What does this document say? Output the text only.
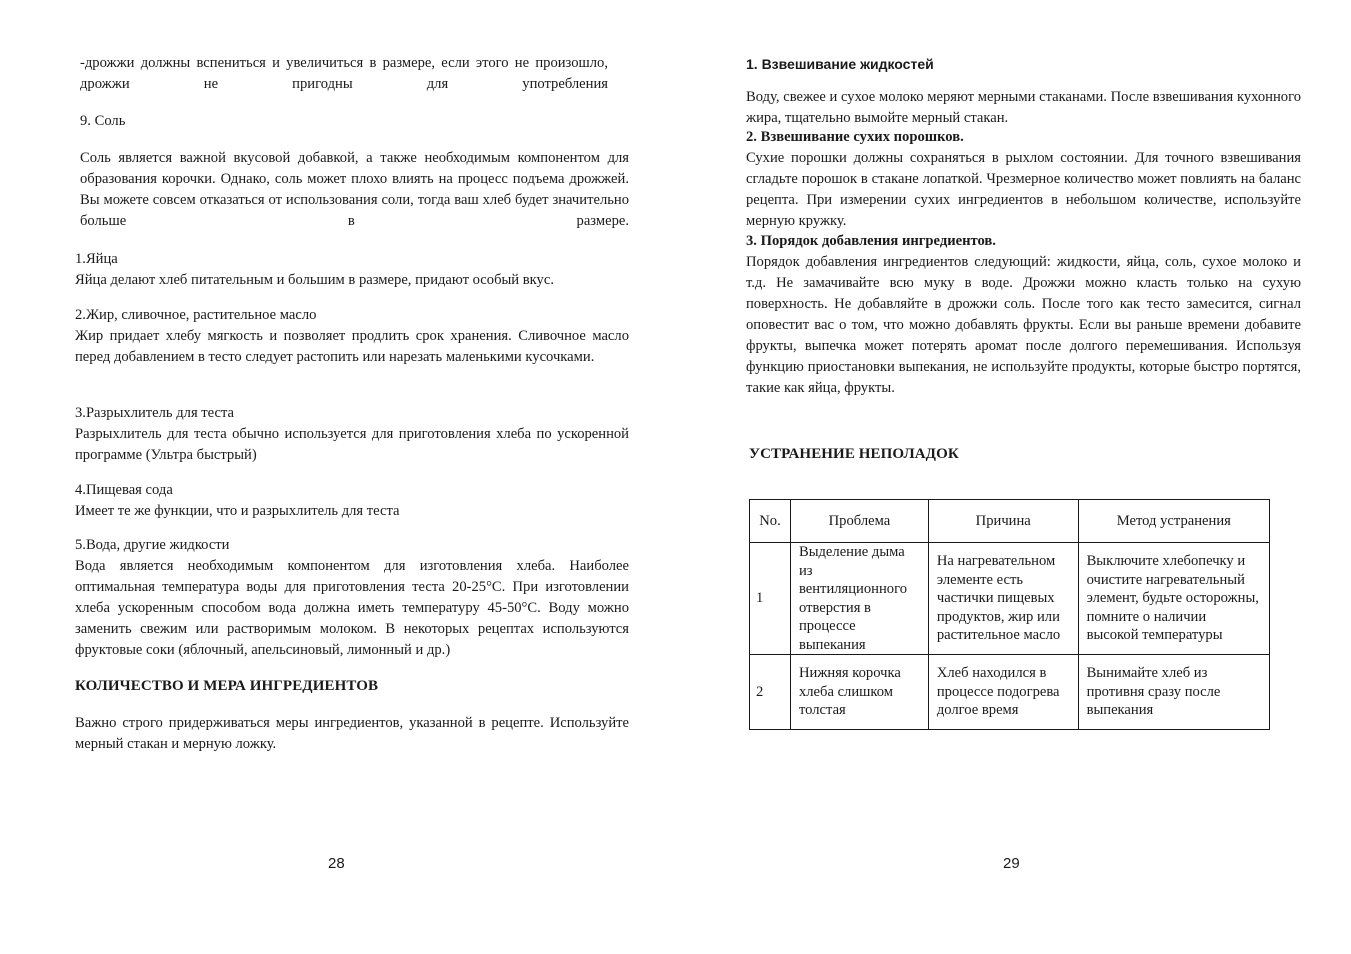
-дрожжи должны вспениться и увеличиться в размере, если этого не произошло, дрожжи не пригодны для употребления

9. Соль

Соль является важной вкусовой добавкой, а также необходимым компонентом для образования корочки. Однако, соль может плохо влиять на процесс подъема дрожжей. Вы можете совсем отказаться от использования соли, тогда ваш хлеб будет значительно больше в размере.

1.Яйца
Яйца делают хлеб питательным и большим в размере, придают особый вкус.
2.Жир, сливочное, растительное масло
Жир придает хлебу мягкость и позволяет продлить срок хранения. Сливочное масло перед добавлением в тесто следует растопить или нарезать маленькими кусочками.
3.Разрыхлитель для теста
Разрыхлитель для теста обычно используется для приготовления хлеба по ускоренной программе (Ультра быстрый)
4.Пищевая сода
Имеет те же функции, что и разрыхлитель для теста
5.Вода, другие жидкости
Вода является необходимым компонентом для изготовления хлеба. Наиболее оптимальная температура воды для приготовления теста 20-25°С. При изготовлении хлеба ускоренным способом вода должна иметь температуру 45-50°С. Воду можно заменить свежим или растворимым молоком. В некоторых рецептах используются фруктовые соки (яблочный, апельсиновый, лимонный и др.)

КОЛИЧЕСТВО И МЕРА ИНГРЕДИЕНТОВ

Важно строго придерживаться меры ингредиентов, указанной в рецепте. Используйте мерный стакан и мерную ложку.

28

1. Взвешивание жидкостей

Воду, свежее и сухое молоко меряют мерными стаканами. После взвешивания кухонного жира, тщательно вымойте мерный стакан.

2. Взвешивание сухих порошков.

Сухие порошки должны сохраняться в рыхлом состоянии. Для точного взвешивания сгладьте порошок в стакане лопаткой. Чрезмерное количество может повлиять на баланс рецепта. При измерении сухих ингредиентов в небольшом количестве, используйте мерную кружку.

3. Порядок добавления ингредиентов.

Порядок добавления ингредиентов следующий: жидкости, яйца, соль, сухое молоко и т.д. Не замачивайте всю муку в воде. Дрожжи можно класть только на сухую поверхность. Не добавляйте в дрожжи соль. После того как тесто замесится, сигнал оповестит вас о том, что можно добавлять фрукты. Если вы раньше времени добавите фрукты, выпечка может потерять аромат после долгого перемешивания. Используя функцию приостановки выпекания, не используйте продукты, которые быстро портятся, такие как яйца, фрукты.

УСТРАНЕНИЕ НЕПОЛАДОК

No.	Проблема	Причина	Метод устранения
1	Выделение дыма из вентиляционного отверстия в процессе выпекания	На нагревательном элементе есть частички пищевых продуктов, жир или растительное масло	Выключите хлебопечку и очистите нагревательный элемент, будьте осторожны, помните о наличии высокой температуры
2	Нижняя корочка хлеба слишком толстая	Хлеб находился в процессе подогрева долгое время	Вынимайте хлеб из противня сразу после выпекания
29
